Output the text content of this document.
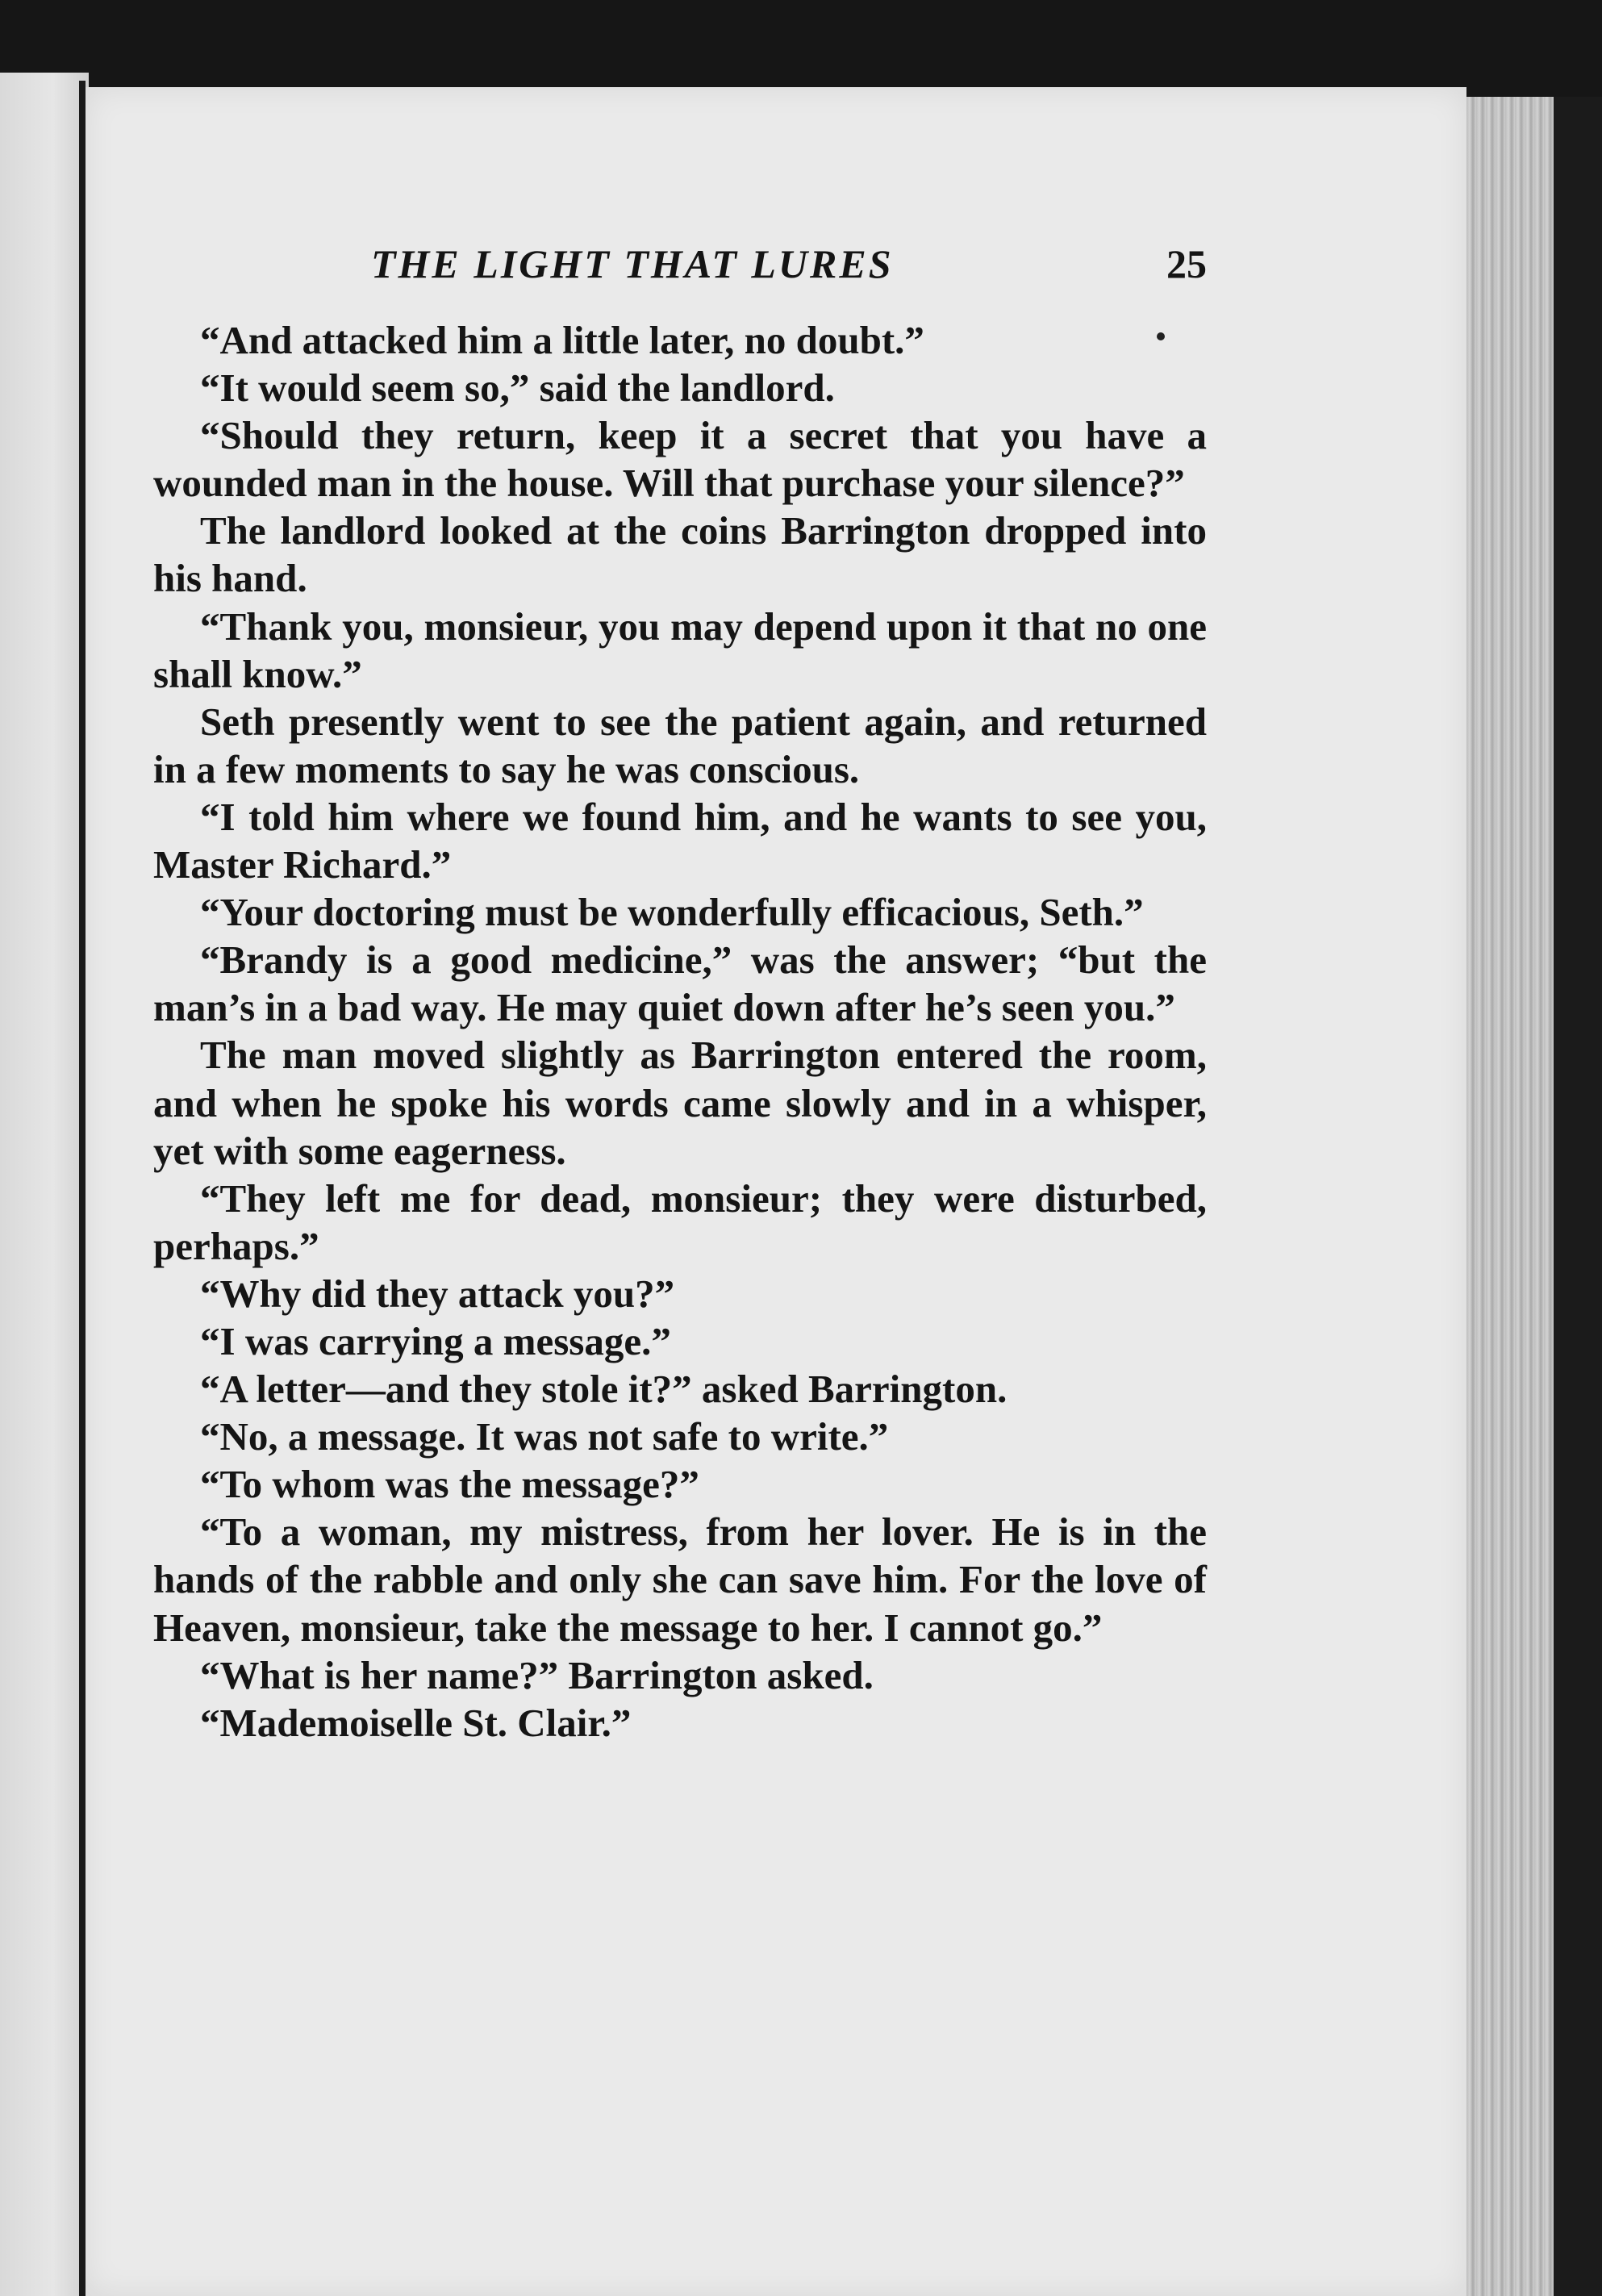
THE LIGHT THAT LURES	25

“And attacked him a little later, no doubt.”

“It would seem so,” said the landlord.

“Should they return, keep it a secret that you have a wounded man in the house. Will that purchase your silence?”

The landlord looked at the coins Barrington dropped into his hand.

“Thank you, monsieur, you may depend upon it that no one shall know.”

Seth presently went to see the patient again, and returned in a few moments to say he was conscious.

“I told him where we found him, and he wants to see you, Master Richard.”

“Your doctoring must be wonderfully efficacious, Seth.”

“Brandy is a good medicine,” was the answer; “but the man’s in a bad way. He may quiet down after he’s seen you.”

The man moved slightly as Barrington entered the room, and when he spoke his words came slowly and in a whisper, yet with some eagerness.

“They left me for dead, monsieur; they were disturbed, perhaps.”

“Why did they attack you?”

“I was carrying a message.”

“A letter—and they stole it?” asked Barrington.

“No, a message. It was not safe to write.”

“To whom was the message?”

“To a woman, my mistress, from her lover. He is in the hands of the rabble and only she can save him. For the love of Heaven, monsieur, take the message to her. I cannot go.”

“What is her name?” Barrington asked.

“Mademoiselle St. Clair.”
